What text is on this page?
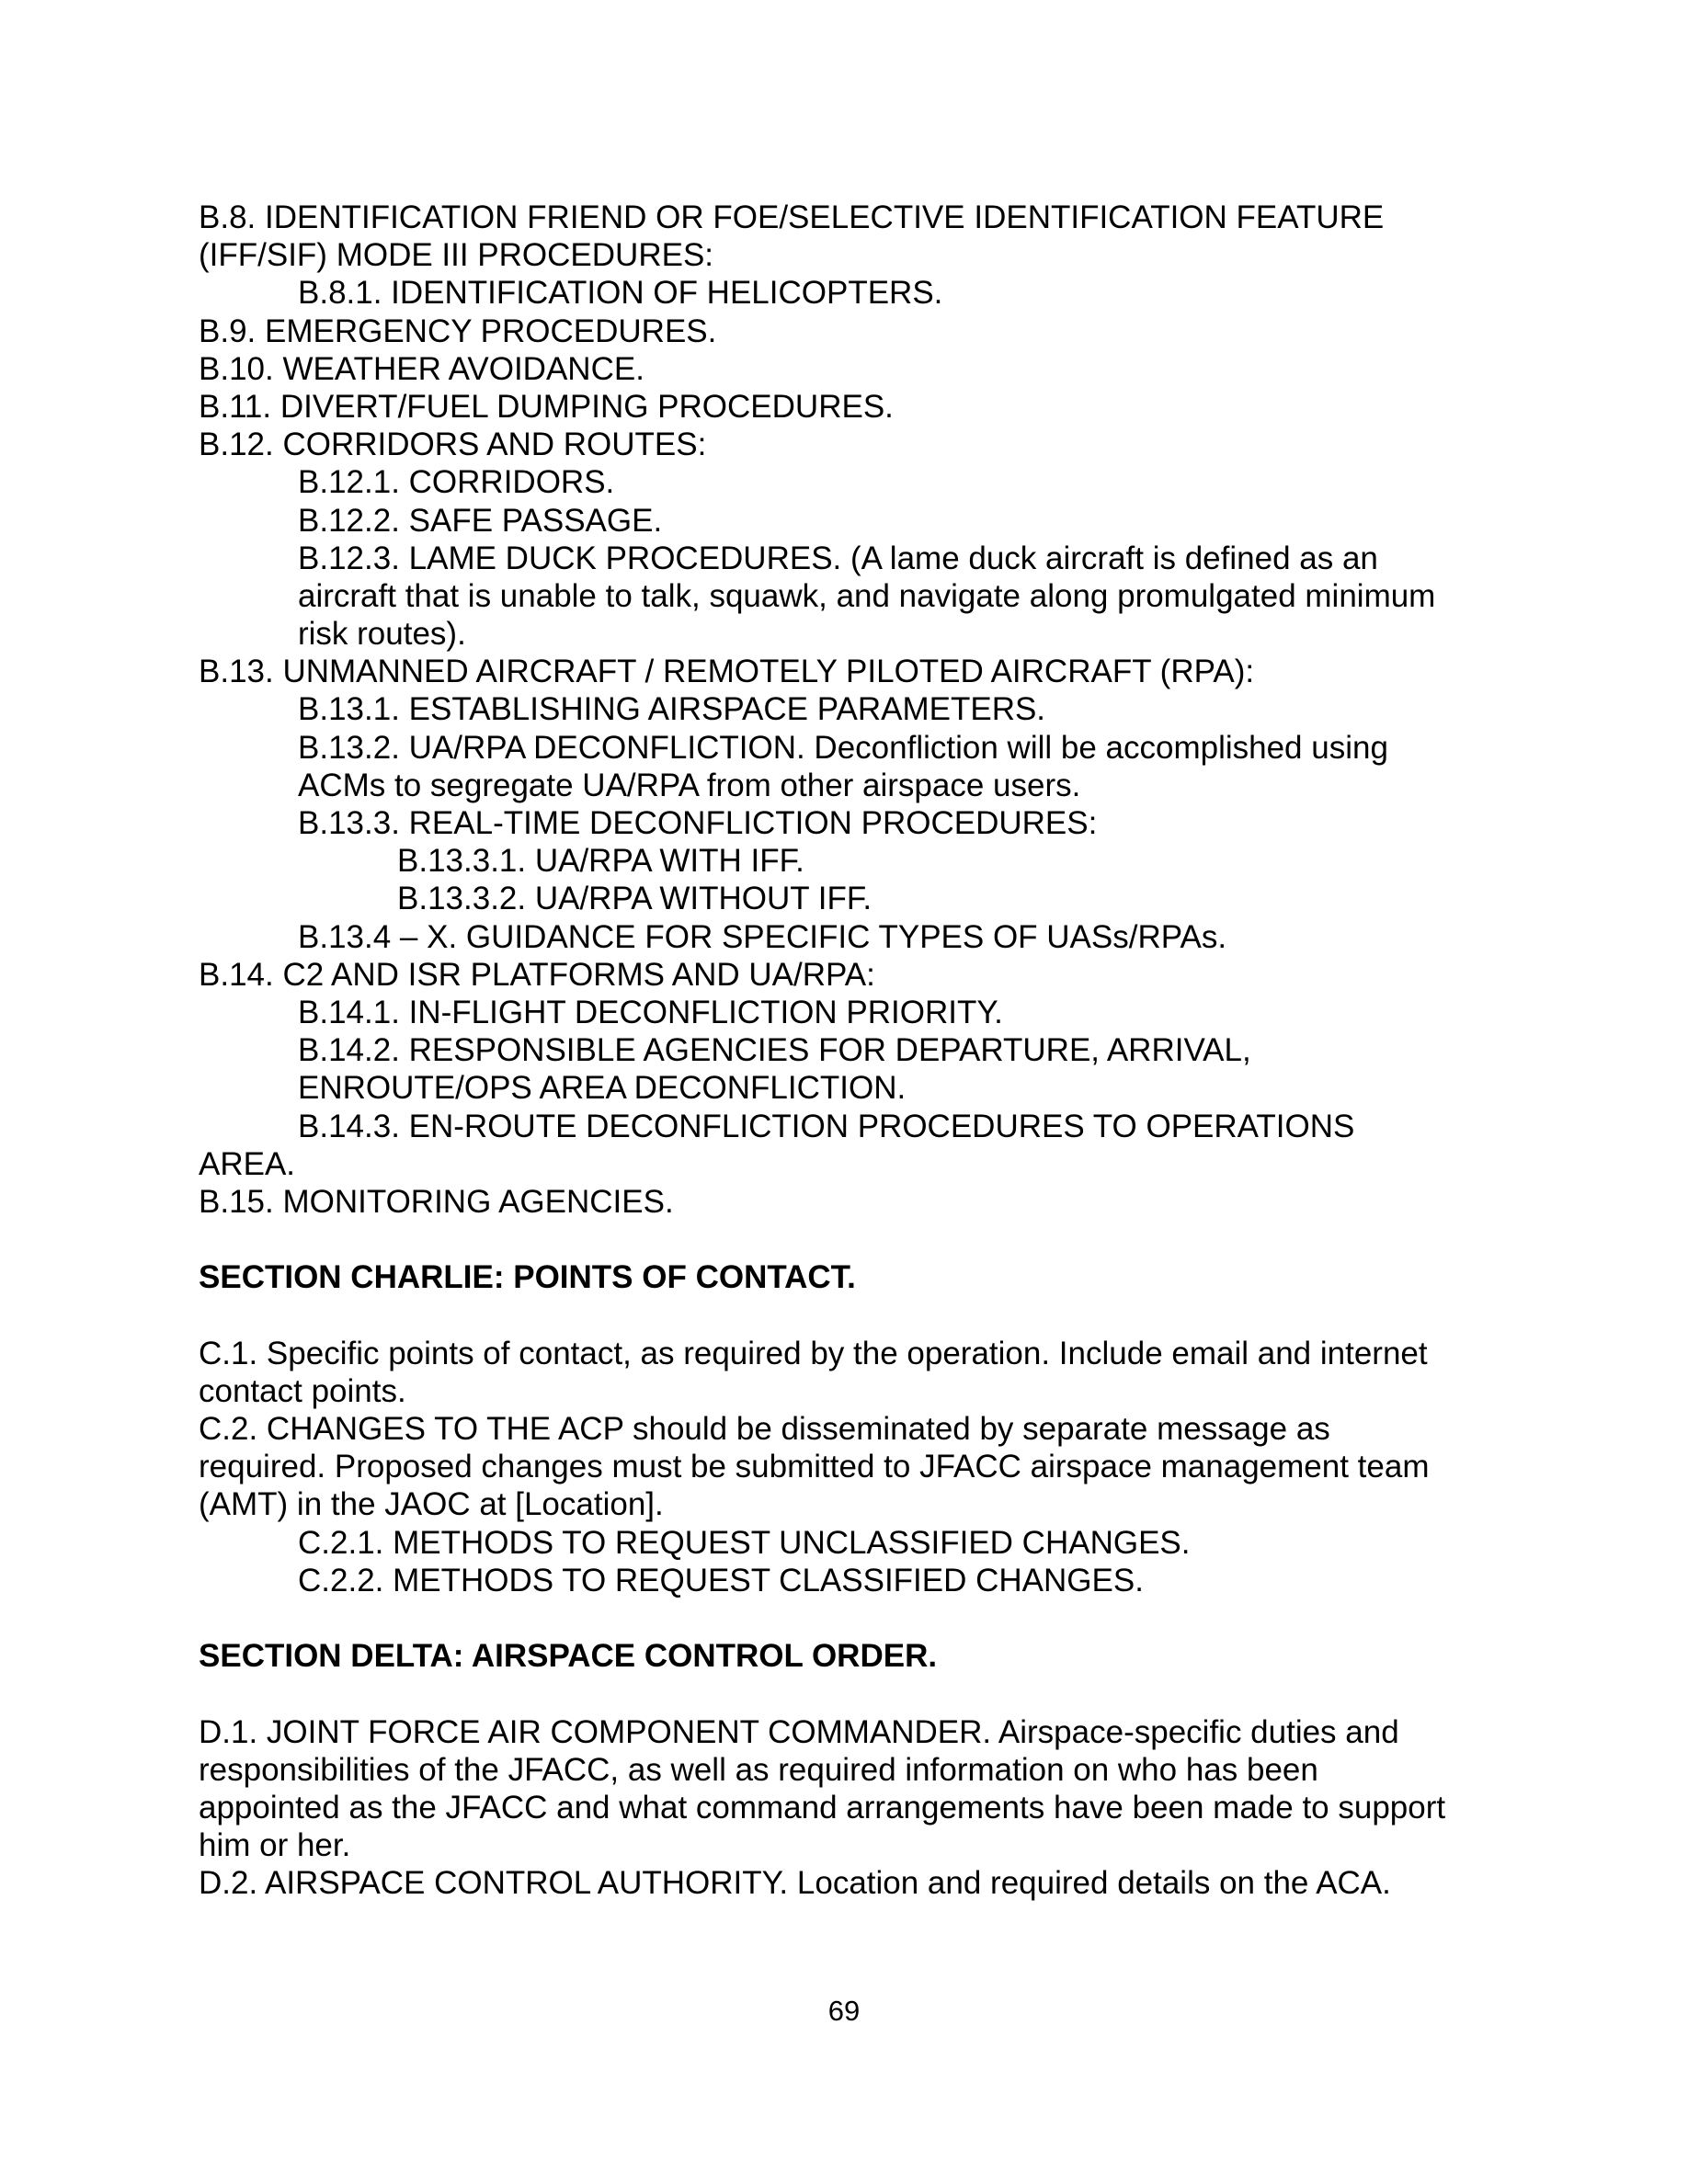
B.8. IDENTIFICATION FRIEND OR FOE/SELECTIVE IDENTIFICATION FEATURE
(IFF/SIF) MODE III PROCEDURES:
B.8.1. IDENTIFICATION OF HELICOPTERS.
B.9. EMERGENCY PROCEDURES.
B.10. WEATHER AVOIDANCE.
B.11. DIVERT/FUEL DUMPING PROCEDURES.
B.12. CORRIDORS AND ROUTES:
B.12.1. CORRIDORS.
B.12.2. SAFE PASSAGE.
B.12.3. LAME DUCK PROCEDURES. (A lame duck aircraft is defined as an
aircraft that is unable to talk, squawk, and navigate along promulgated minimum
risk routes).
B.13. UNMANNED AIRCRAFT / REMOTELY PILOTED AIRCRAFT (RPA):
B.13.1. ESTABLISHING AIRSPACE PARAMETERS.
B.13.2. UA/RPA DECONFLICTION. Deconfliction will be accomplished using
ACMs to segregate UA/RPA from other airspace users.
B.13.3. REAL-TIME DECONFLICTION PROCEDURES:
B.13.3.1. UA/RPA WITH IFF.
B.13.3.2. UA/RPA WITHOUT IFF.
B.13.4 – X. GUIDANCE FOR SPECIFIC TYPES OF UASs/RPAs.
B.14. C2 AND ISR PLATFORMS AND UA/RPA:
B.14.1. IN-FLIGHT DECONFLICTION PRIORITY.
B.14.2. RESPONSIBLE AGENCIES FOR DEPARTURE, ARRIVAL,
ENROUTE/OPS AREA DECONFLICTION.
B.14.3. EN-ROUTE DECONFLICTION PROCEDURES TO OPERATIONS
AREA.
B.15. MONITORING AGENCIES.
SECTION CHARLIE: POINTS OF CONTACT.
C.1. Specific points of contact, as required by the operation. Include email and internet
contact points.
C.2. CHANGES TO THE ACP should be disseminated by separate message as
required. Proposed changes must be submitted to JFACC airspace management team
(AMT) in the JAOC at [Location].
C.2.1. METHODS TO REQUEST UNCLASSIFIED CHANGES.
C.2.2. METHODS TO REQUEST CLASSIFIED CHANGES.
SECTION DELTA: AIRSPACE CONTROL ORDER.
D.1. JOINT FORCE AIR COMPONENT COMMANDER. Airspace-specific duties and
responsibilities of the JFACC, as well as required information on who has been
appointed as the JFACC and what command arrangements have been made to support
him or her.
D.2. AIRSPACE CONTROL AUTHORITY. Location and required details on the ACA.
69
